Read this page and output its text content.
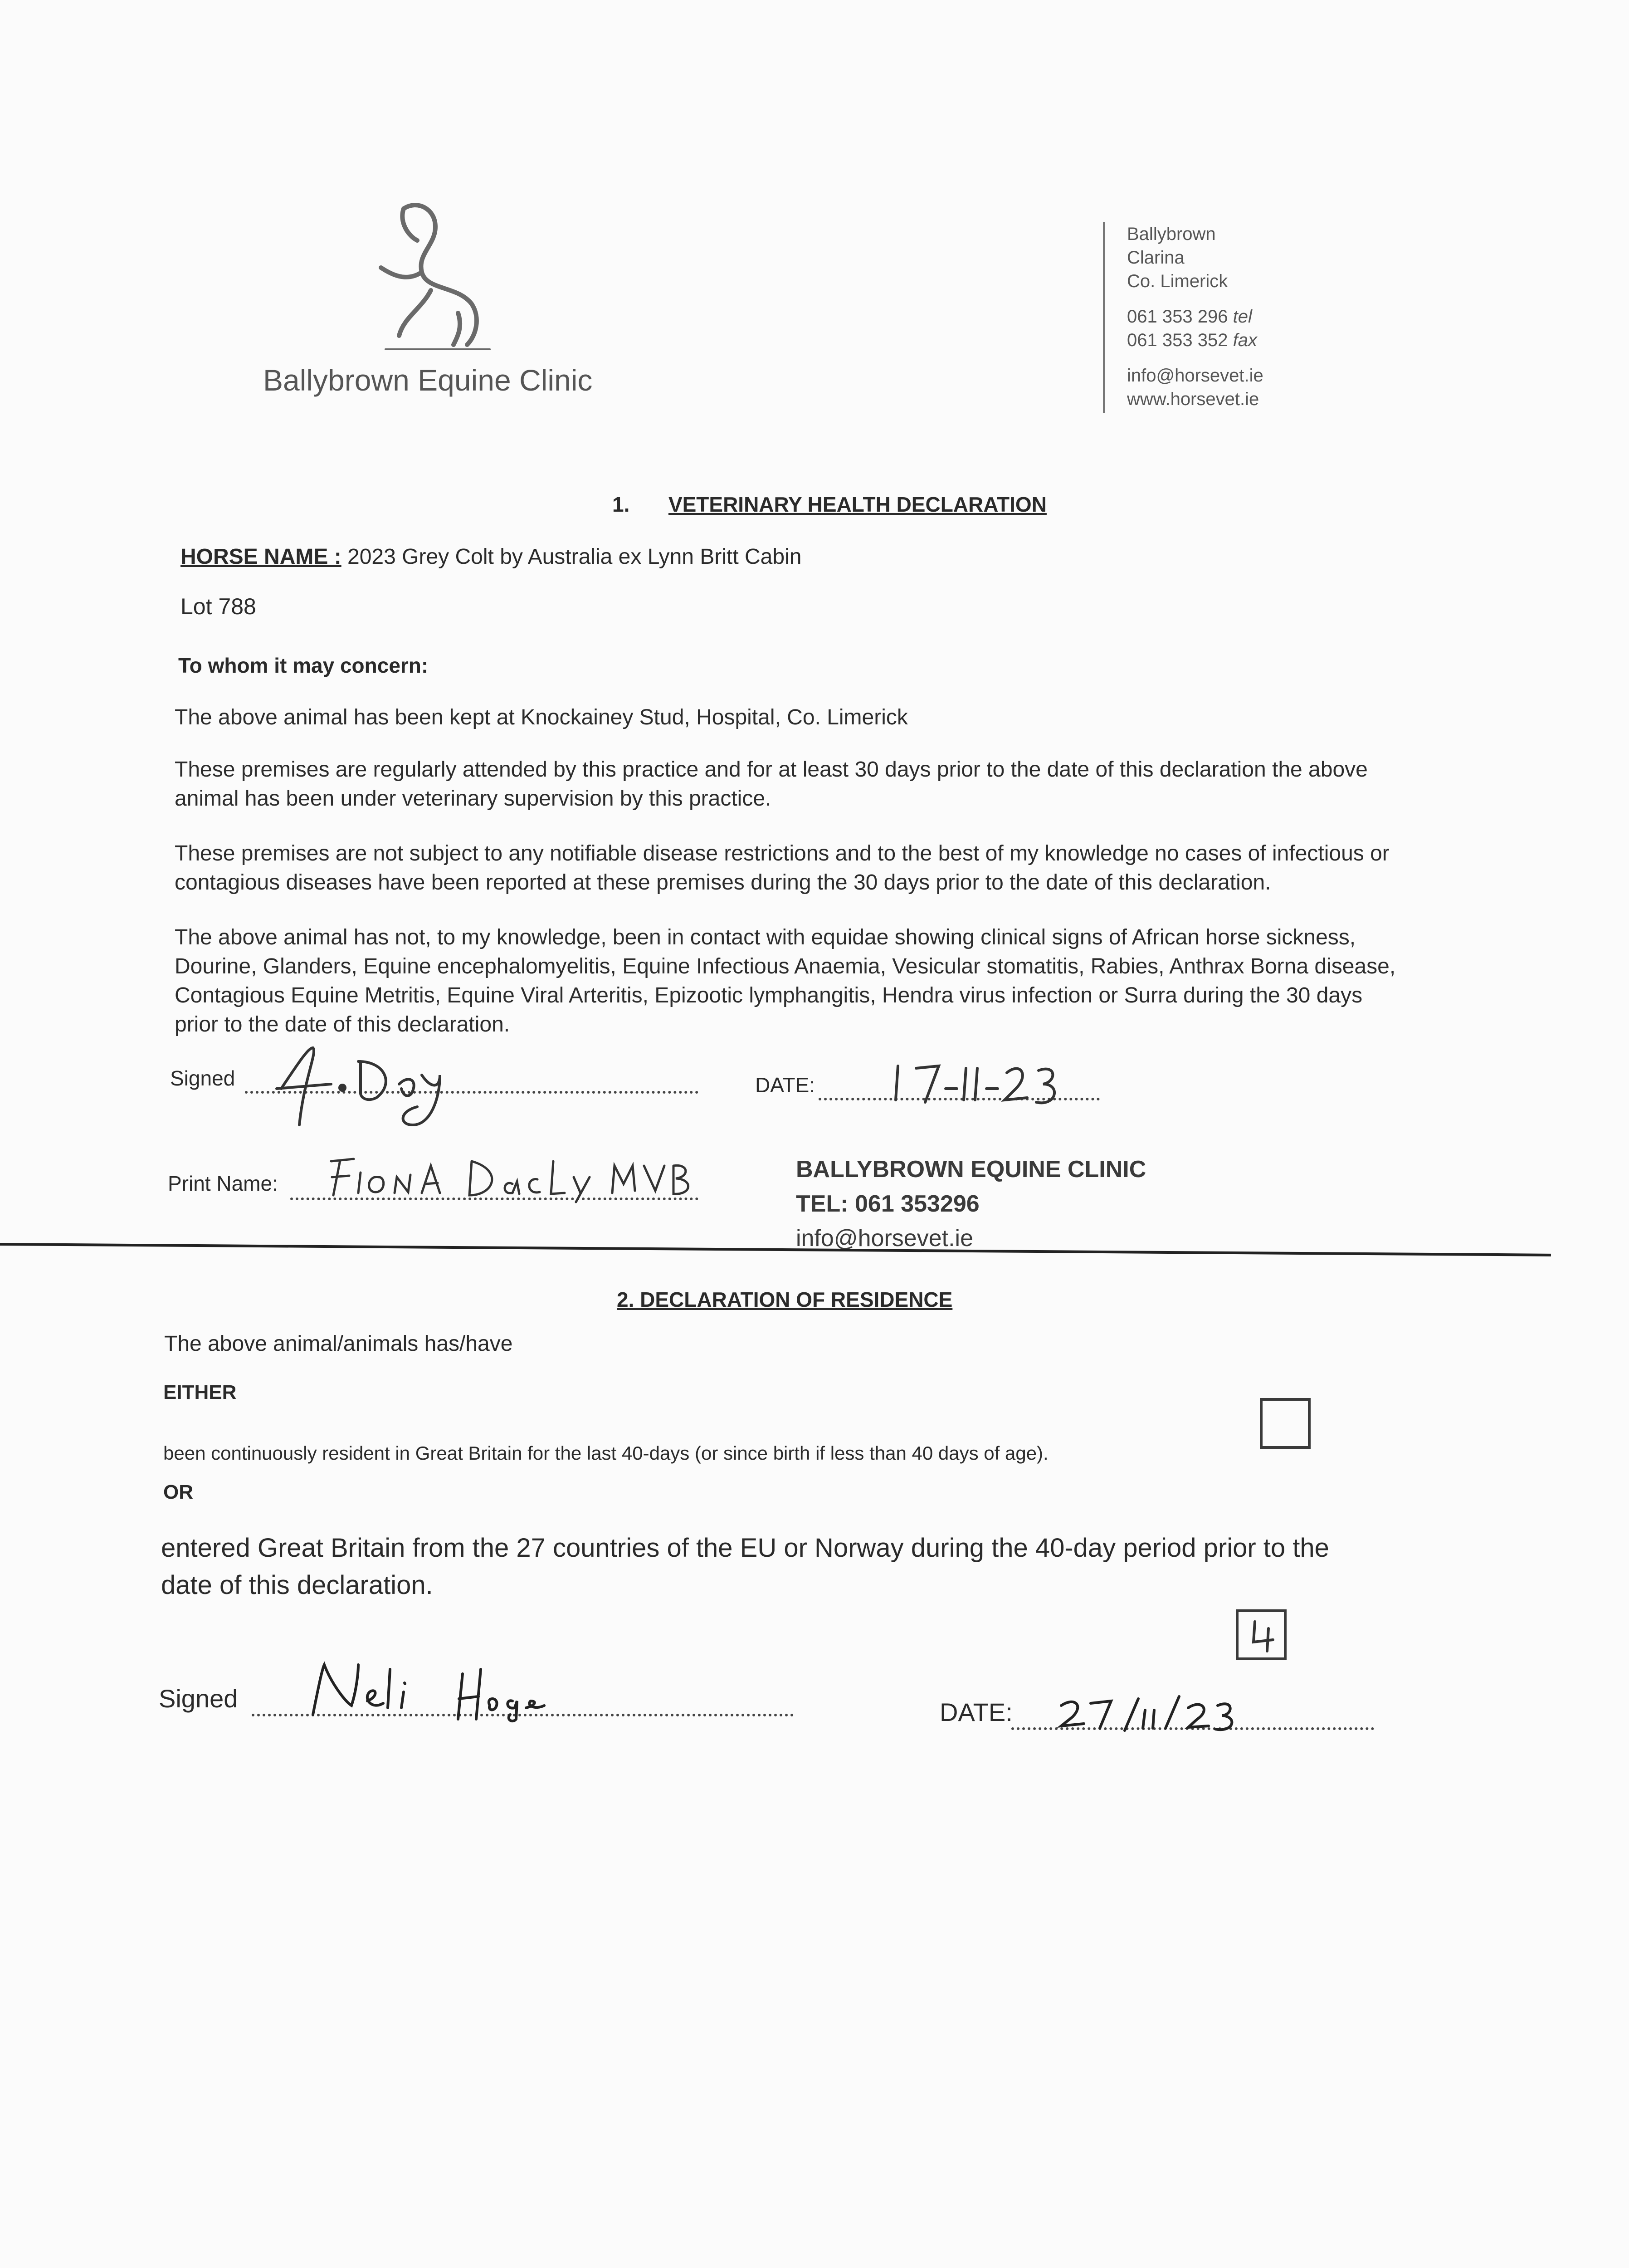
Ballybrown Equine Clinic
Ballybrown
Clarina
Co. Limerick
061 353 296 tel
061 353 352 fax
info@horsevet.ie
www.horsevet.ie
1. VETERINARY HEALTH DECLARATION
HORSE NAME : 2023 Grey Colt by Australia ex Lynn Britt Cabin
Lot 788
To whom it may concern:
The above animal has been kept at Knockainey Stud, Hospital, Co. Limerick
These premises are regularly attended by this practice and for at least 30 days prior to the date of this declaration the above animal has been under veterinary supervision by this practice.
These premises are not subject to any notifiable disease restrictions and to the best of my knowledge no cases of infectious or contagious diseases have been reported at these premises during the 30 days prior to the date of this declaration.
The above animal has not, to my knowledge, been in contact with equidae showing clinical signs of African horse sickness, Dourine, Glanders, Equine encephalomyelitis, Equine Infectious Anaemia, Vesicular stomatitis, Rabies, Anthrax Borna disease, Contagious Equine Metritis, Equine Viral Arteritis, Epizootic lymphangitis, Hendra virus infection or Surra during the 30 days prior to the date of this declaration.
Signed	DATE:
Print Name:
BALLYBROWN EQUINE CLINIC
TEL: 061 353296
info@horsevet.ie
2. DECLARATION OF RESIDENCE
The above animal/animals has/have
EITHER
been continuously resident in Great Britain for the last 40-days (or since birth if less than 40 days of age).
OR
entered Great Britain from the 27 countries of the EU or Norway during the 40-day period prior to the date of this declaration.
Signed	DATE:
